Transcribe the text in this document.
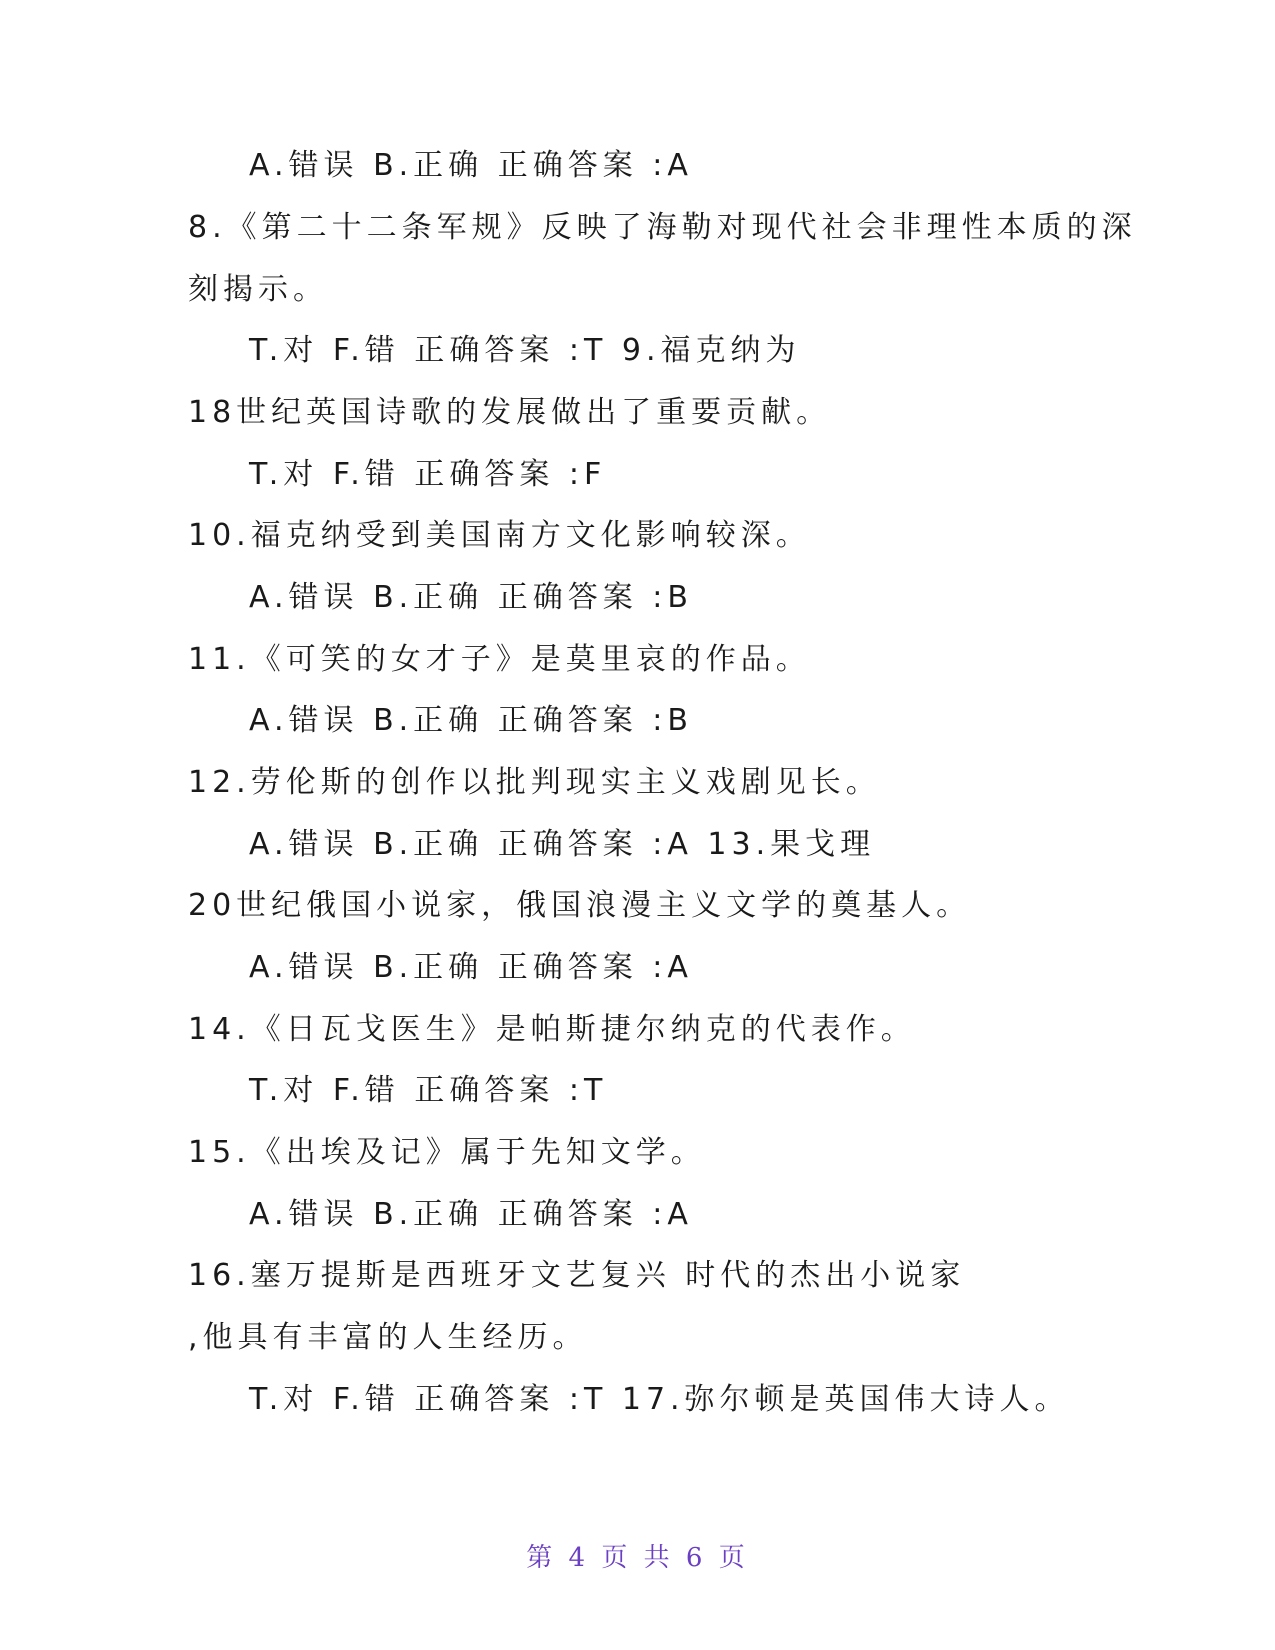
A.错误 B.正确 正确答案 :A
8.《第二十二条军规》反映了海勒对现代社会非理性本质的深
刻揭示。
T.对 F.错 正确答案 :T 9.福克纳为
18世纪英国诗歌的发展做出了重要贡献。
T.对 F.错 正确答案 :F
10.福克纳受到美国南方文化影响较深。
A.错误 B.正确 正确答案 :B
11.《可笑的女才子》是莫里哀的作品。
A.错误 B.正确 正确答案 :B
12.劳伦斯的创作以批判现实主义戏剧见长。
A.错误 B.正确 正确答案 :A 13.果戈理
20世纪俄国小说家，俄国浪漫主义文学的奠基人。
A.错误 B.正确 正确答案 :A
14.《日瓦戈医生》是帕斯捷尔纳克的代表作。
T.对 F.错 正确答案 :T
15.《出埃及记》属于先知文学。
A.错误 B.正确 正确答案 :A
16.塞万提斯是西班牙文艺复兴 时代的杰出小说家
,他具有丰富的人生经历。
T.对 F.错 正确答案 :T 17.弥尔顿是英国伟大诗人。
第 4 页 共 6 页
